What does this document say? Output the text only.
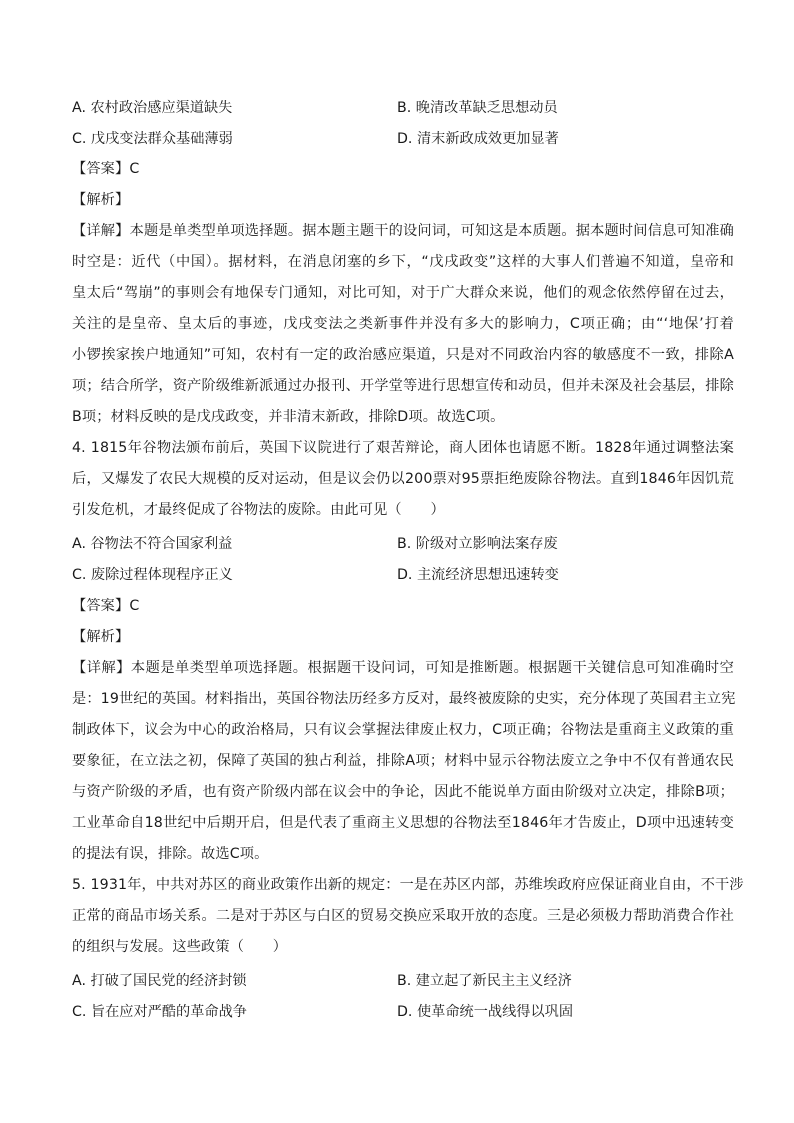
A. 农村政治感应渠道缺失	B. 晚清改革缺乏思想动员
C. 戊戌变法群众基础薄弱	D. 清末新政成效更加显著
【答案】C
【解析】
【详解】本题是单类型单项选择题。据本题主题干的设问词，可知这是本质题。据本题时间信息可知准确
时空是：近代（中国）。据材料，在消息闭塞的乡下，“戊戌政变”这样的大事人们普遍不知道，皇帝和
皇太后“驾崩”的事则会有地保专门通知，对比可知，对于广大群众来说，他们的观念依然停留在过去，
关注的是皇帝、皇太后的事迹，戊戌变法之类新事件并没有多大的影响力，C项正确；由“‘地保’打着
小锣挨家挨户地通知”可知，农村有一定的政治感应渠道，只是对不同政治内容的敏感度不一致，排除A
项；结合所学，资产阶级维新派通过办报刊、开学堂等进行思想宣传和动员，但并未深及社会基层，排除
B项；材料反映的是戊戌政变，并非清末新政，排除D项。故选C项。
4. 1815年谷物法颁布前后，英国下议院进行了艰苦辩论，商人团体也请愿不断。1828年通过调整法案
后，又爆发了农民大规模的反对运动，但是议会仍以200票对95票拒绝废除谷物法。直到1846年因饥荒
引发危机，才最终促成了谷物法的废除。由此可见（　　）
A. 谷物法不符合国家利益	B. 阶级对立影响法案存废
C. 废除过程体现程序正义	D. 主流经济思想迅速转变
【答案】C
【解析】
【详解】本题是单类型单项选择题。根据题干设问词，可知是推断题。根据题干关键信息可知准确时空
是：19世纪的英国。材料指出，英国谷物法历经多方反对，最终被废除的史实，充分体现了英国君主立宪
制政体下，议会为中心的政治格局，只有议会掌握法律废止权力，C项正确；谷物法是重商主义政策的重
要象征，在立法之初，保障了英国的独占利益，排除A项；材料中显示谷物法废立之争中不仅有普通农民
与资产阶级的矛盾，也有资产阶级内部在议会中的争论，因此不能说单方面由阶级对立决定，排除B项；
工业革命自18世纪中后期开启，但是代表了重商主义思想的谷物法至1846年才告废止，D项中迅速转变
的提法有误，排除。故选C项。
5. 1931年，中共对苏区的商业政策作出新的规定：一是在苏区内部，苏维埃政府应保证商业自由，不干涉
正常的商品市场关系。二是对于苏区与白区的贸易交换应采取开放的态度。三是必须极力帮助消费合作社
的组织与发展。这些政策（　　）
A. 打破了国民党的经济封锁	B. 建立起了新民主主义经济
C. 旨在应对严酷的革命战争	D. 使革命统一战线得以巩固
